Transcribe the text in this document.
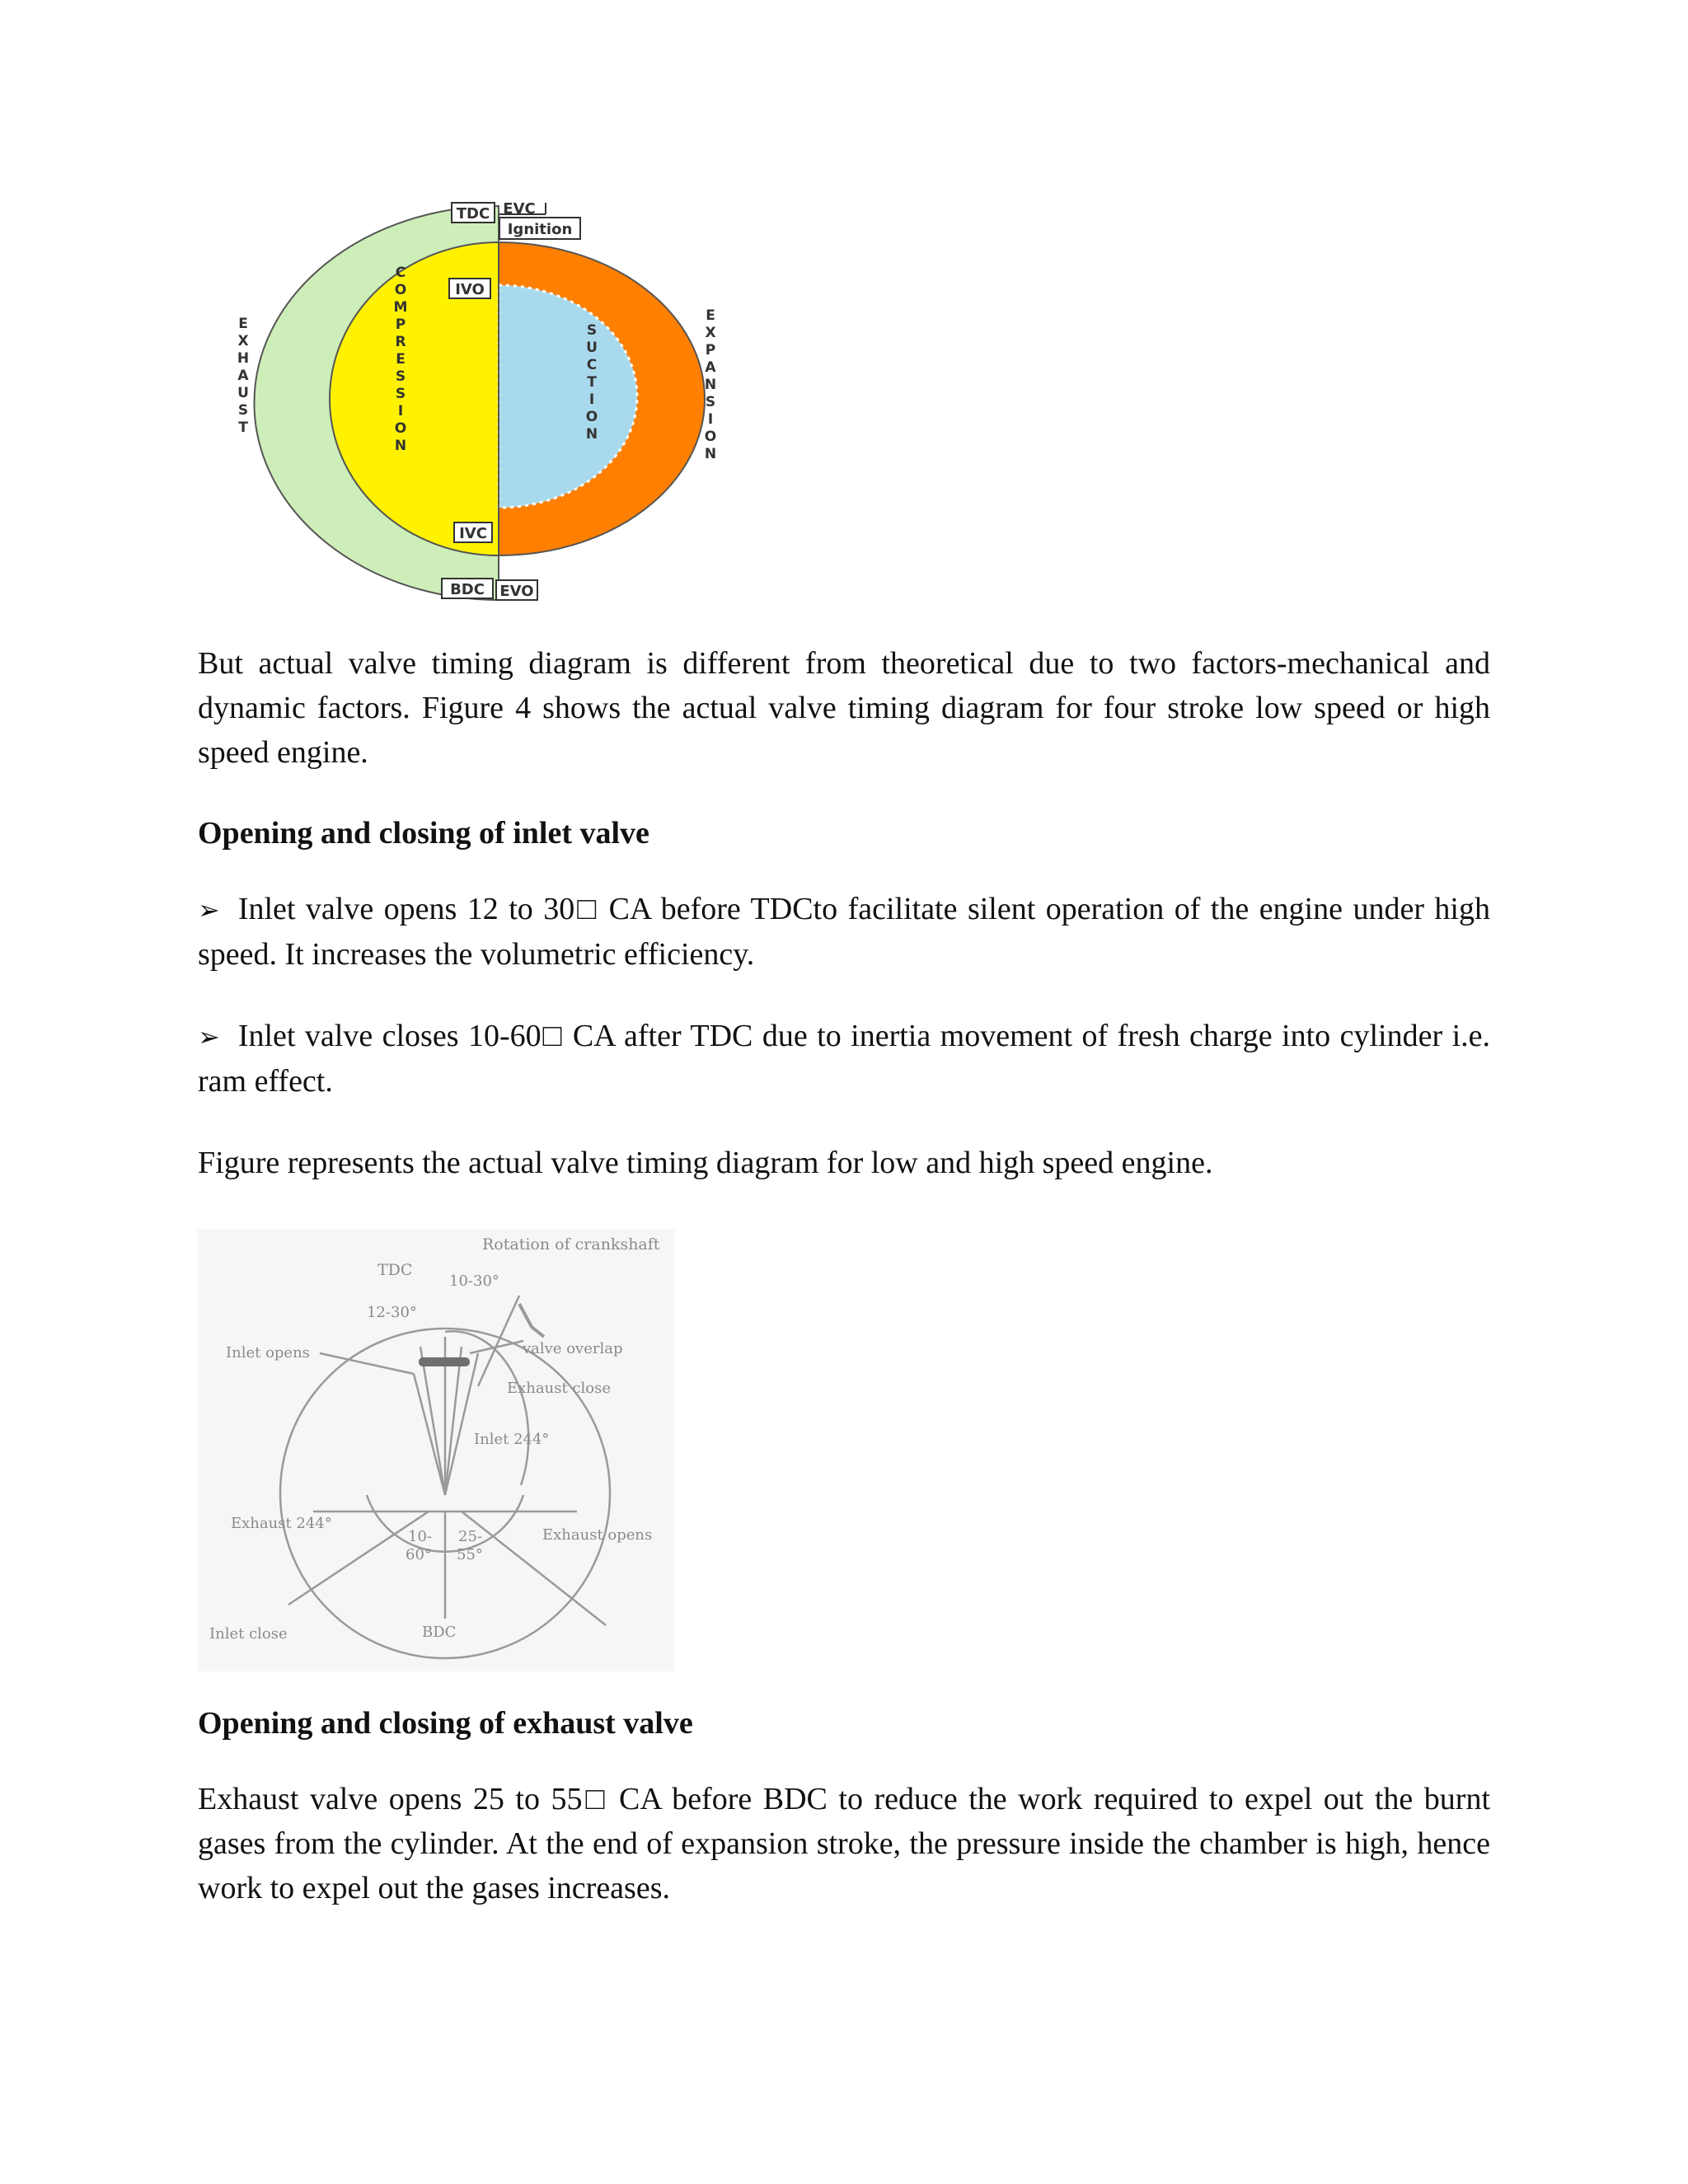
TDC EVC
Ignition
IVO
IVC
BDC EVO
E X H A U S T
C O M P R E S S I O N
S U C T I O N
E X P A N S I O N

But actual valve timing diagram is different from theoretical due to two factors-mechanical and dynamic factors. Figure 4 shows the actual valve timing diagram for four stroke low speed or high speed engine.

Opening and closing of inlet valve

➢ Inlet valve opens 12 to 30□ CA before TDCto facilitate silent operation of the engine under high speed. It increases the volumetric efficiency.

➢ Inlet valve closes 10-60□ CA after TDC due to inertia movement of fresh charge into cylinder i.e. ram effect.

Figure represents the actual valve timing diagram for low and high speed engine.

Rotation of crankshaft
TDC
10-30°
12-30°
Inlet opens	valve overlap
Exhaust close
Inlet 244°
Exhaust 244°
10-
60°
25-
55°
Exhaust opens
Inlet close	BDC

Opening and closing of exhaust valve

Exhaust valve opens 25 to 55□ CA before BDC to reduce the work required to expel out the burnt gases from the cylinder. At the end of expansion stroke, the pressure inside the chamber is high, hence work to expel out the gases increases.
